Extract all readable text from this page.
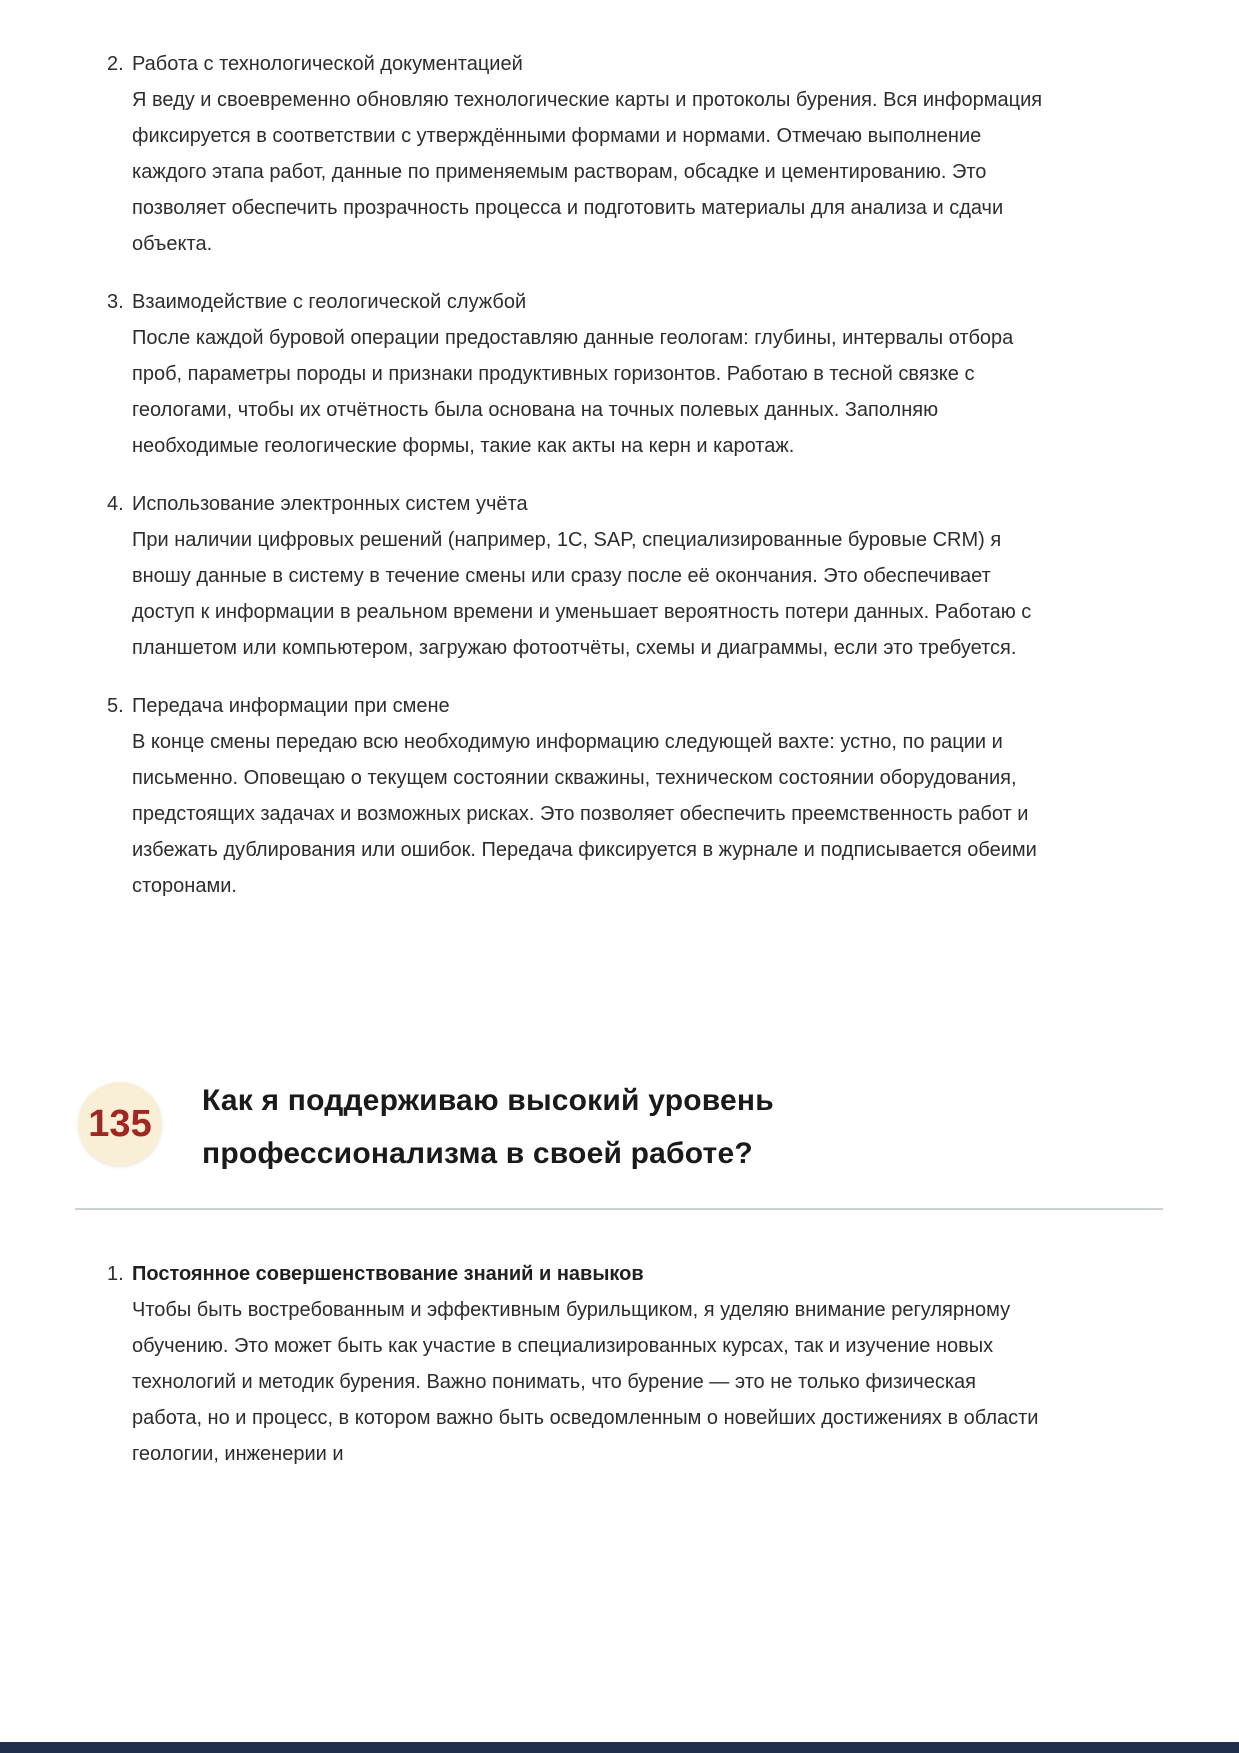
2. Работа с технологической документацией
Я веду и своевременно обновляю технологические карты и протоколы бурения. Вся информация фиксируется в соответствии с утверждёнными формами и нормами. Отмечаю выполнение каждого этапа работ, данные по применяемым растворам, обсадке и цементированию. Это позволяет обеспечить прозрачность процесса и подготовить материалы для анализа и сдачи объекта.
3. Взаимодействие с геологической службой
После каждой буровой операции предоставляю данные геологам: глубины, интервалы отбора проб, параметры породы и признаки продуктивных горизонтов. Работаю в тесной связке с геологами, чтобы их отчётность была основана на точных полевых данных. Заполняю необходимые геологические формы, такие как акты на керн и каротаж.
4. Использование электронных систем учёта
При наличии цифровых решений (например, 1С, SAP, специализированные буровые CRM) я вношу данные в систему в течение смены или сразу после её окончания. Это обеспечивает доступ к информации в реальном времени и уменьшает вероятность потери данных. Работаю с планшетом или компьютером, загружаю фотоотчёты, схемы и диаграммы, если это требуется.
5. Передача информации при смене
В конце смены передаю всю необходимую информацию следующей вахте: устно, по рации и письменно. Оповещаю о текущем состоянии скважины, техническом состоянии оборудования, предстоящих задачах и возможных рисках. Это позволяет обеспечить преемственность работ и избежать дублирования или ошибок. Передача фиксируется в журнале и подписывается обеими сторонами.
135
Как я поддерживаю высокий уровень профессионализма в своей работе?
1. Постоянное совершенствование знаний и навыков
Чтобы быть востребованным и эффективным бурильщиком, я уделяю внимание регулярному обучению. Это может быть как участие в специализированных курсах, так и изучение новых технологий и методик бурения. Важно понимать, что бурение — это не только физическая работа, но и процесс, в котором важно быть осведомленным о новейших достижениях в области геологии, инженерии и
